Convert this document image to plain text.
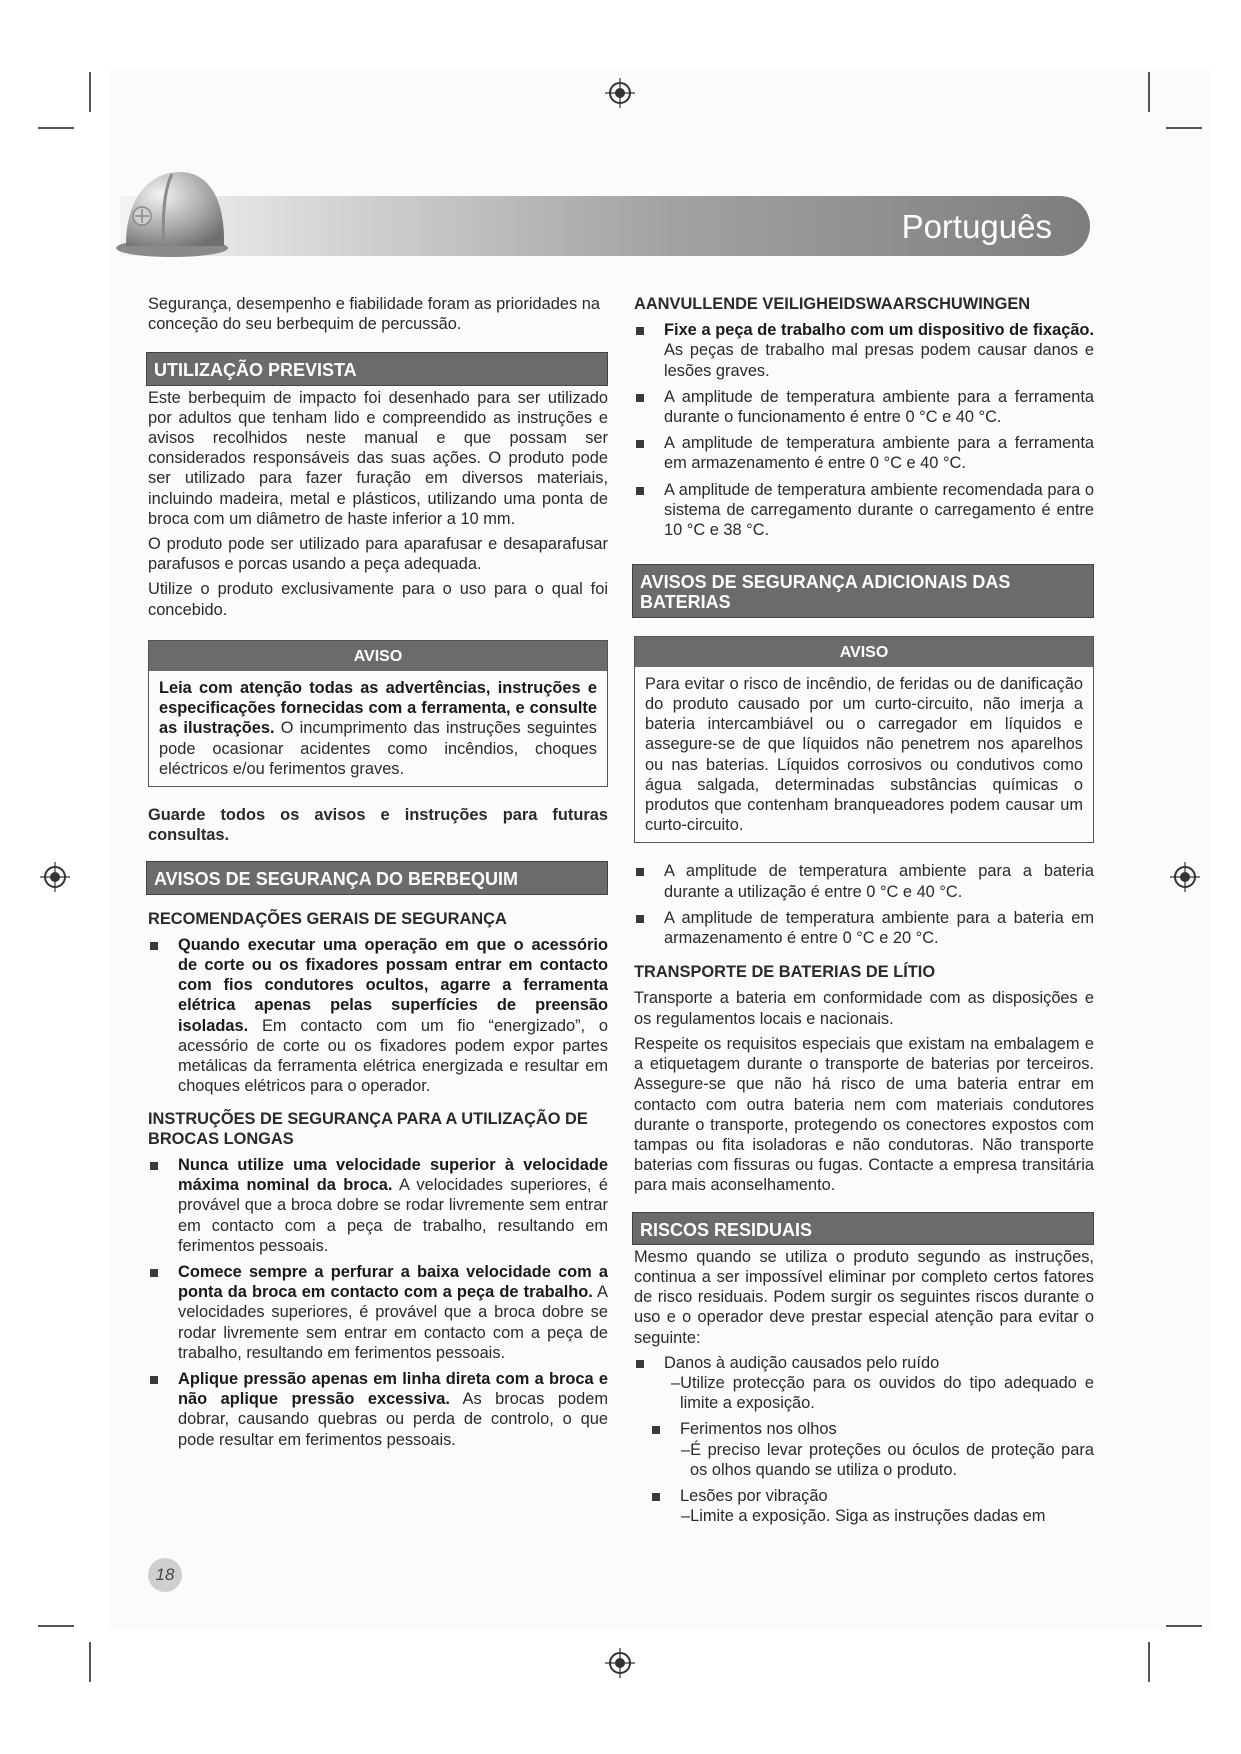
Português

Segurança, desempenho e fiabilidade foram as prioridades na conceção do seu berbequim de percussão.

UTILIZAÇÃO PREVISTA

Este berbequim de impacto foi desenhado para ser utilizado por adultos que tenham lido e compreendido as instruções e avisos recolhidos neste manual e que possam ser considerados responsáveis das suas ações. O produto pode ser utilizado para fazer furação em diversos materiais, incluindo madeira, metal e plásticos, utilizando uma ponta de broca com um diâmetro de haste inferior a 10 mm.

O produto pode ser utilizado para aparafusar e desaparafusar parafusos e porcas usando a peça adequada.

Utilize o produto exclusivamente para o uso para o qual foi concebido.

AVISO
Leia com atenção todas as advertências, instruções e especificações fornecidas com a ferramenta, e consulte as ilustrações. O incumprimento das instruções seguintes pode ocasionar acidentes como incêndios, choques eléctricos e/ou ferimentos graves.

Guarde todos os avisos e instruções para futuras consultas.

AVISOS DE SEGURANÇA DO BERBEQUIM
RECOMENDAÇÕES GERAIS DE SEGURANÇA
Quando executar uma operação em que o acessório de corte ou os fixadores possam entrar em contacto com fios condutores ocultos, agarre a ferramenta elétrica apenas pelas superfícies de preensão isoladas. Em contacto com um fio “energizado”, o acessório de corte ou os fixadores podem expor partes metálicas da ferramenta elétrica energizada e resultar em choques elétricos para o operador.
INSTRUÇÕES DE SEGURANÇA PARA A UTILIZAÇÃO DE BROCAS LONGAS
Nunca utilize uma velocidade superior à velocidade máxima nominal da broca. A velocidades superiores, é provável que a broca dobre se rodar livremente sem entrar em contacto com a peça de trabalho, resultando em ferimentos pessoais.
Comece sempre a perfurar a baixa velocidade com a ponta da broca em contacto com a peça de trabalho. A velocidades superiores, é provável que a broca dobre se rodar livremente sem entrar em contacto com a peça de trabalho, resultando em ferimentos pessoais.
Aplique pressão apenas em linha direta com a broca e não aplique pressão excessiva. As brocas podem dobrar, causando quebras ou perda de controlo, o que pode resultar em ferimentos pessoais.
AANVULLENDE VEILIGHEIDSWAARSCHUWINGEN
Fixe a peça de trabalho com um dispositivo de fixação. As peças de trabalho mal presas podem causar danos e lesões graves.
A amplitude de temperatura ambiente para a ferramenta durante o funcionamento é entre 0 °C e 40 °C.
A amplitude de temperatura ambiente para a ferramenta em armazenamento é entre 0 °C e 40 °C.
A amplitude de temperatura ambiente recomendada para o sistema de carregamento durante o carregamento é entre 10 °C e 38 °C.
AVISOS DE SEGURANÇA ADICIONAIS DAS BATERIAS
AVISO
Para evitar o risco de incêndio, de feridas ou de danificação do produto causado por um curto-circuito, não imerja a bateria intercambiável ou o carregador em líquidos e assegure-se de que líquidos não penetrem nos aparelhos ou nas baterias. Líquidos corrosivos ou condutivos como água salgada, determinadas substâncias químicas o produtos que contenham branqueadores podem causar um curto-circuito.
A amplitude de temperatura ambiente para a bateria durante a utilização é entre 0 °C e 40 °C.
A amplitude de temperatura ambiente para a bateria em armazenamento é entre 0 °C e 20 °C.
TRANSPORTE DE BATERIAS DE LÍTIO

Transporte a bateria em conformidade com as disposições e os regulamentos locais e nacionais.

Respeite os requisitos especiais que existam na embalagem e a etiquetagem durante o transporte de baterias por terceiros. Assegure-se que não há risco de uma bateria entrar em contacto com outra bateria nem com materiais condutores durante o transporte, protegendo os conectores expostos com tampas ou fita isoladoras e não condutoras. Não transporte baterias com fissuras ou fugas. Contacte a empresa transitária para mais aconselhamento.

RISCOS RESIDUAIS

Mesmo quando se utiliza o produto segundo as instruções, continua a ser impossível eliminar por completo certos fatores de risco residuais. Podem surgir os seguintes riscos durante o uso e o operador deve prestar especial atenção para evitar o seguinte:

Danos à audição causados pelo ruído
–Utilize protecção para os ouvidos do tipo adequado e limite a exposição.
Ferimentos nos olhos
–É preciso levar proteções ou óculos de proteção para os olhos quando se utiliza o produto.
Lesões por vibração
–Limite a exposição. Siga as instruções dadas em
18
